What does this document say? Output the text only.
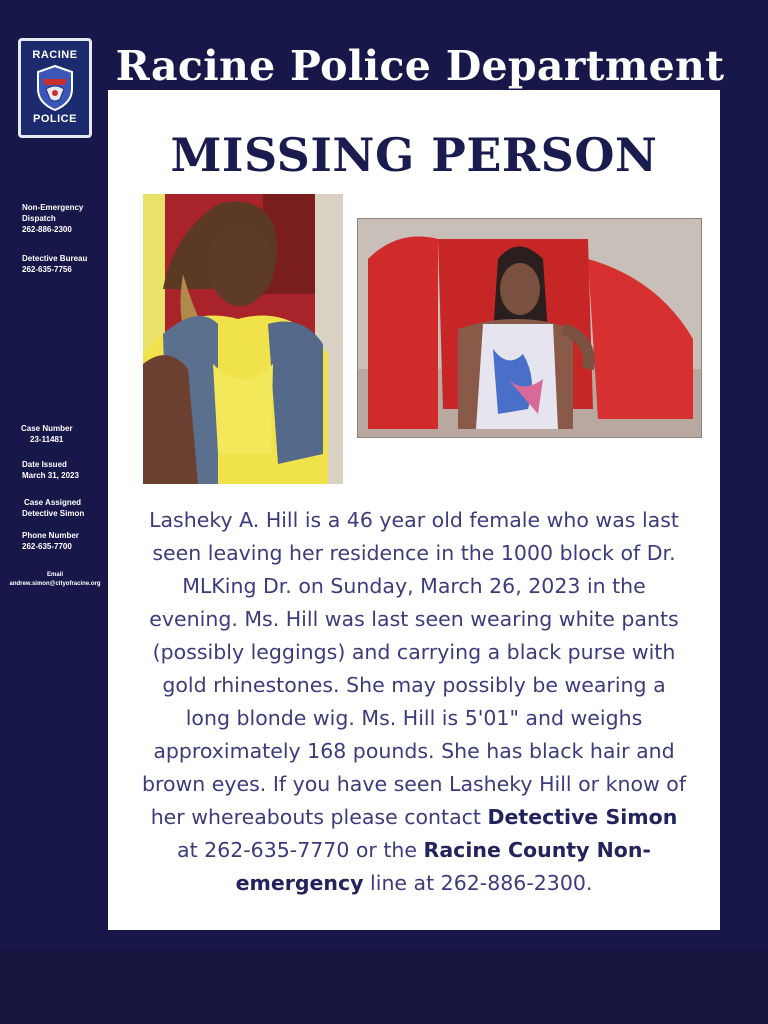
RACINE
POLICE
Racine Police Department
Non-Emergency
Dispatch
262-886-2300
Detective Bureau
262-635-7756
Case Number
23-11481
Date Issued
March 31, 2023
Case Assigned
Detective Simon
Phone Number
262-635-7700
Email
andrew.simon@cityofracine.org
MISSING PERSON
Lasheky A. Hill is a 46 year old female who was last seen leaving her residence in the 1000 block of Dr. MLKing Dr. on Sunday, March 26, 2023 in the evening. Ms. Hill was last seen wearing white pants (possibly leggings) and carrying a black purse with gold rhinestones. She may possibly be wearing a long blonde wig. Ms. Hill is 5'01" and weighs approximately 168 pounds. She has black hair and brown eyes. If you have seen Lasheky Hill or know of her whereabouts please contact Detective Simon at 262-635-7770 or the Racine County Non-emergency line at 262-886-2300.
